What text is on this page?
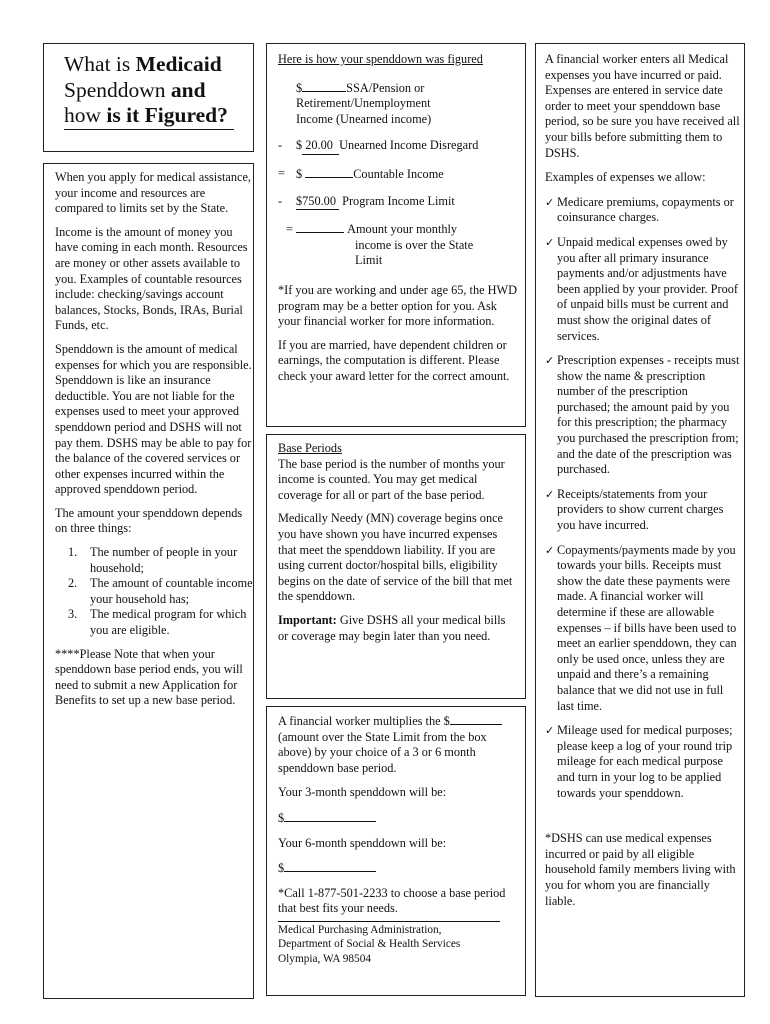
What is Medicaid
Spenddown and
how is it Figured?

When you apply for medical assistance, your income and resources are compared to limits set by the State.

Income is the amount of money you have coming in each month. Resources are money or other assets available to you. Examples of countable resources include: checking/savings account balances, Stocks, Bonds, IRAs, Burial Funds, etc.

Spenddown is the amount of medical expenses for which you are responsible. Spenddown is like an insurance deductible. You are not liable for the expenses used to meet your approved spenddown period and DSHS will not pay them. DSHS may be able to pay for the balance of the covered services or other expenses incurred within the approved spenddown period.

The amount your spenddown depends on three things:

1. The number of people in your household;
2. The amount of countable income your household has;
3. The medical program for which you are eligible.

****Please Note that when your spenddown base period ends, you will need to submit a new Application for Benefits to set up a new base period.

Here is how your spenddown was figured
$	SSA/Pension or
Retirement/Unemployment
Income (Unearned income)
- $ 20.00 Unearned Income Disregard
= $	Countable Income
- $750.00 Program Income Limit
=	Amount your monthly
income is over the State
Limit

*If you are working and under age 65, the HWD program may be a better option for you. Ask your financial worker for more information.

If you are married, have dependent children or earnings, the computation is different. Please check your award letter for the correct amount.

Base Periods

The base period is the number of months your income is counted. You may get medical coverage for all or part of the base period.

Medically Needy (MN) coverage begins once you have shown you have incurred expenses that meet the spenddown liability. If you are using current doctor/hospital bills, eligibility begins on the date of service of the bill that met the spenddown.

Important: Give DSHS all your medical bills or coverage may begin later than you need.

A financial worker multiplies the $ (amount over the State Limit from the box above) by your choice of a 3 or 6 month spenddown base period.

Your 3-month spenddown will be:

$

Your 6-month spenddown will be:

$

*Call 1-877-501-2233 to choose a base period that best fits your needs.

Medical Purchasing Administration,
Department of Social & Health Services
Olympia, WA 98504

A financial worker enters all Medical expenses you have incurred or paid. Expenses are entered in service date order to meet your spenddown base period, so be sure you have received all your bills before submitting them to DSHS.

Examples of expenses we allow:

✓ Medicare premiums, copayments or coinsurance charges.
✓ Unpaid medical expenses owed by you after all primary insurance payments and/or adjustments have been applied by your provider. Proof of unpaid bills must be current and must show the original dates of services.
✓ Prescription expenses - receipts must show the name & prescription number of the prescription purchased; the amount paid by you for this prescription; the pharmacy you purchased the prescription from; and the date of the prescription was purchased.
✓ Receipts/statements from your providers to show current charges you have incurred.
✓ Copayments/payments made by you towards your bills. Receipts must show the date these payments were made. A financial worker will determine if these are allowable expenses – if bills have been used to meet an earlier spenddown, they can only be used once, unless they are unpaid and there’s a remaining balance that we did not use in full last time.
✓ Mileage used for medical purposes; please keep a log of your round trip mileage for each medical purpose and turn in your log to be applied towards your spenddown.

*DSHS can use medical expenses incurred or paid by all eligible household family members living with you for whom you are financially liable.
